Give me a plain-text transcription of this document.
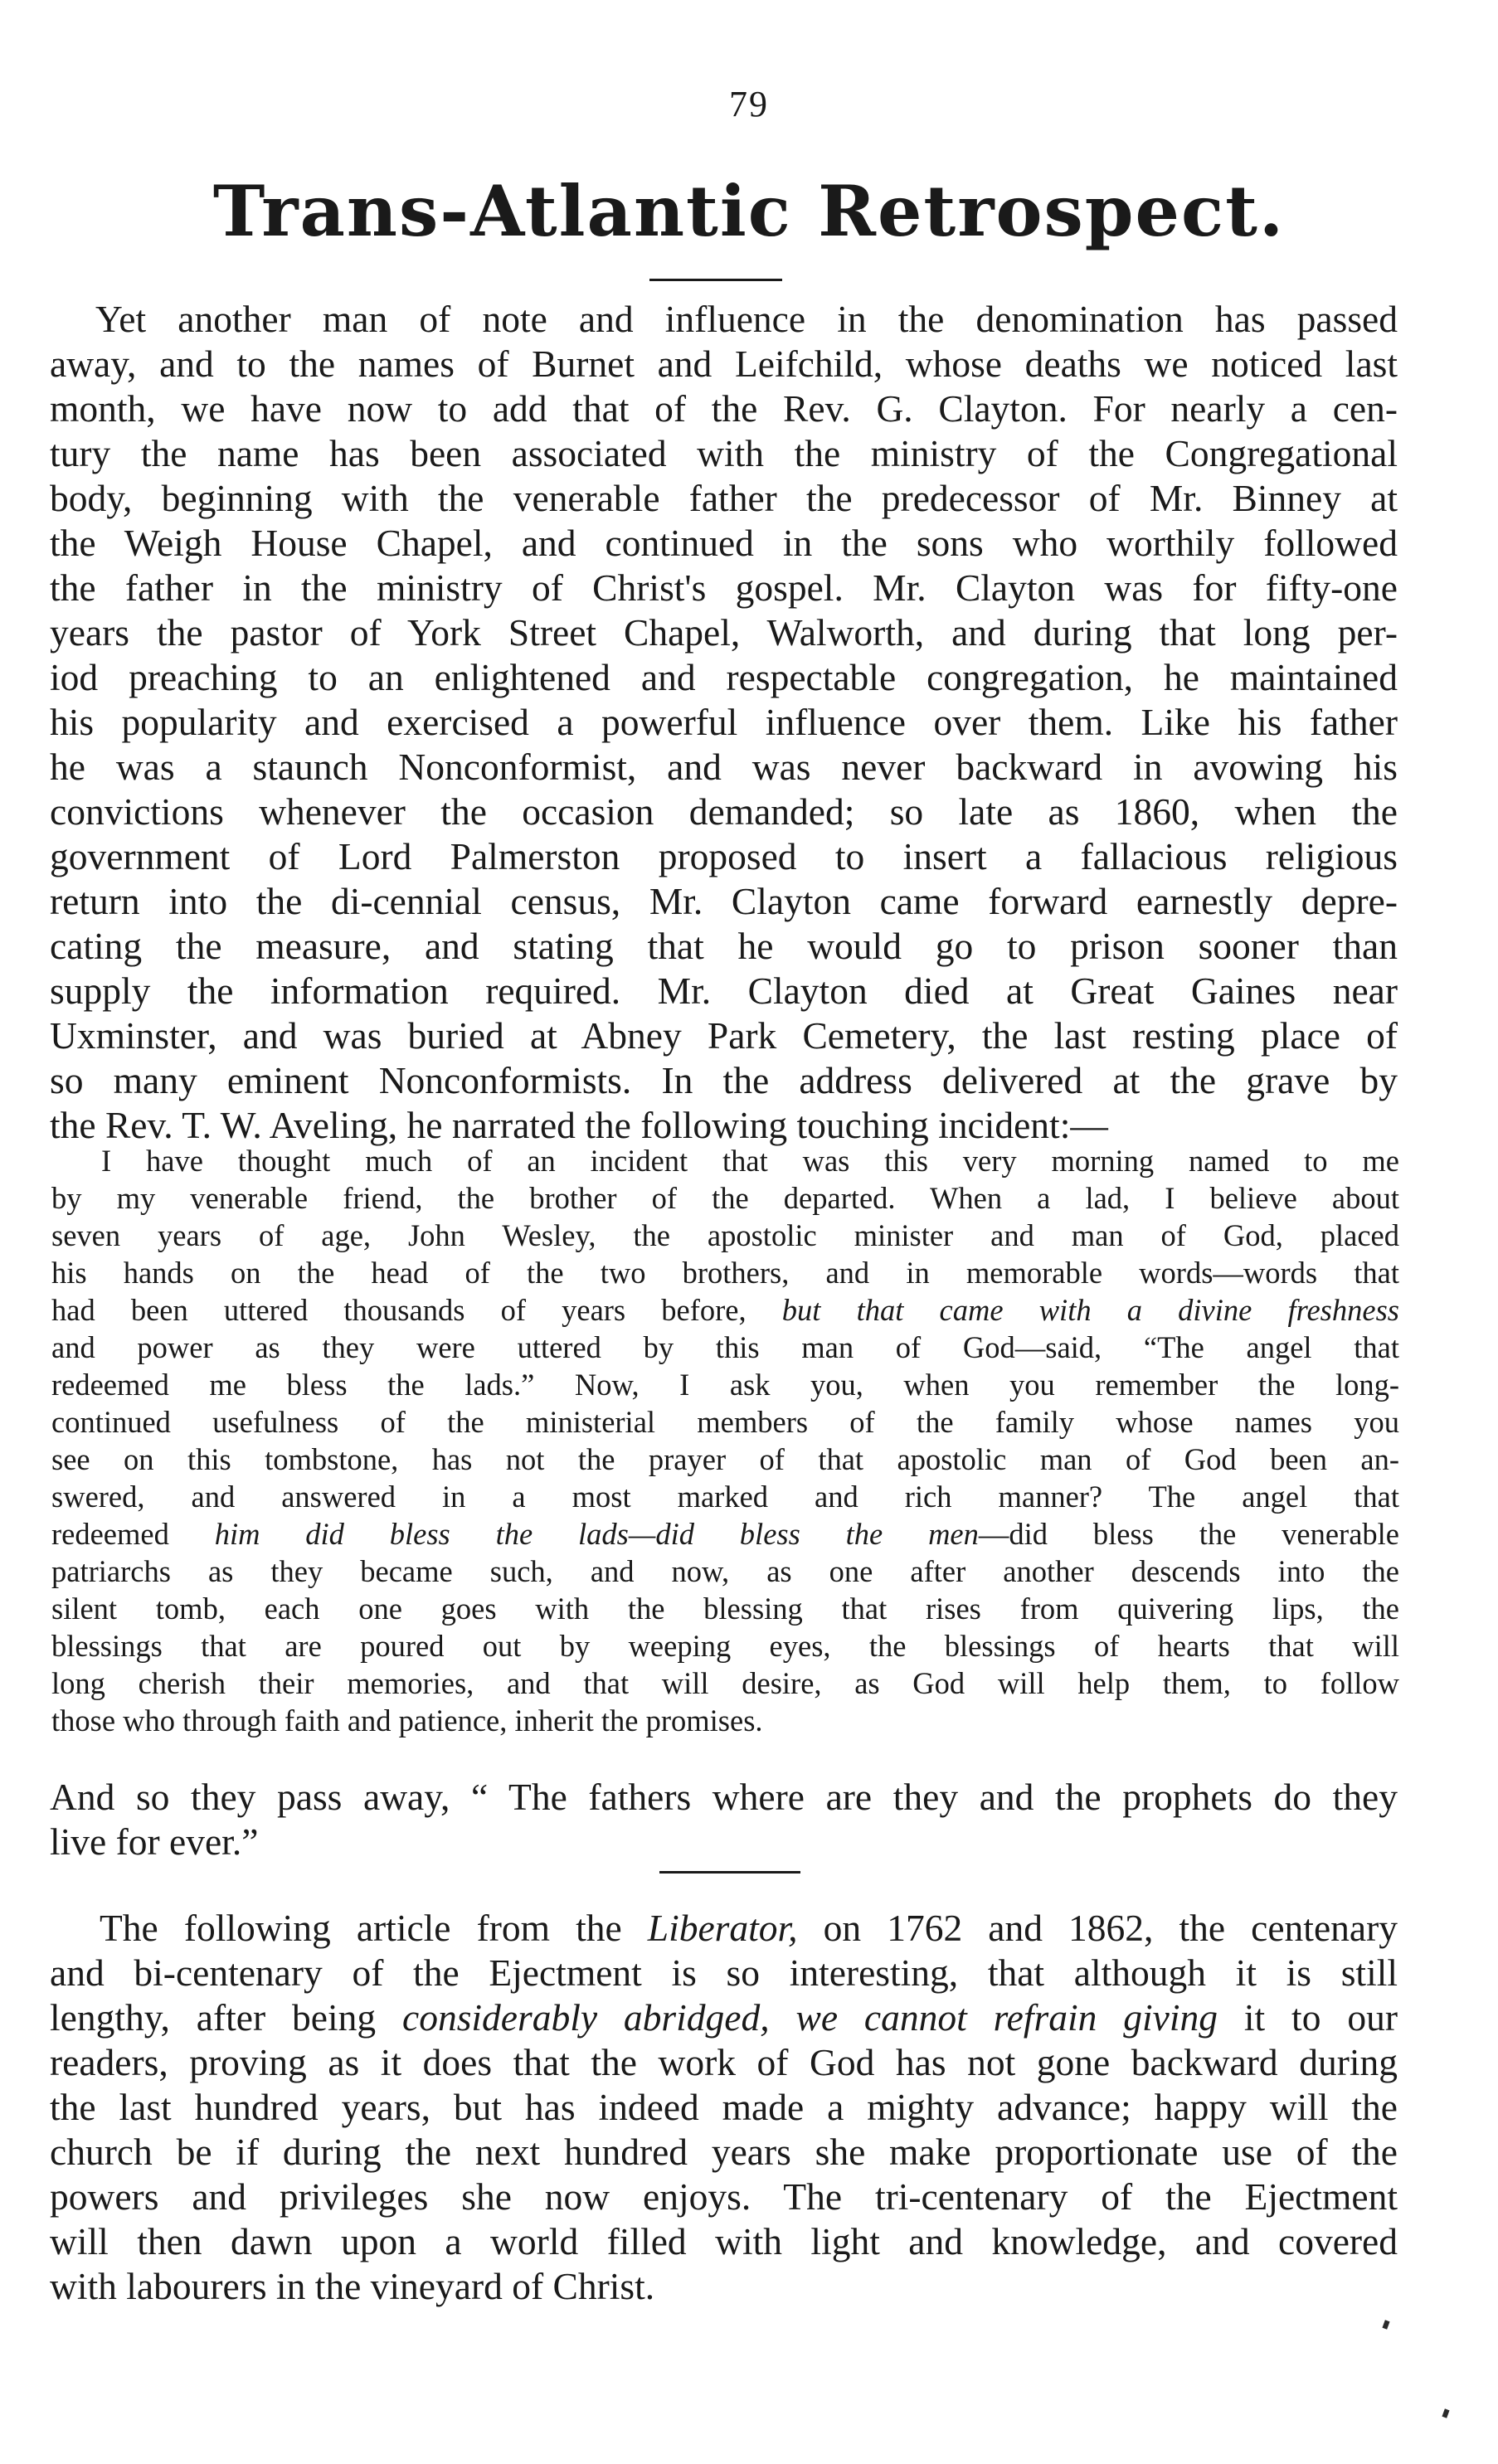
79
Trans-Atlantic Retrospect.
Yet another man of note and influence in the denomination has passed
away, and to the names of Burnet and Leifchild, whose deaths we noticed last
month, we have now to add that of the Rev. G. Clayton. For nearly a cen-
tury the name has been associated with the ministry of the Congregational
body, beginning with the venerable father the predecessor of Mr. Binney at
the Weigh House Chapel, and continued in the sons who worthily followed
the father in the ministry of Christ's gospel. Mr. Clayton was for fifty-one
years the pastor of York Street Chapel, Walworth, and during that long per-
iod preaching to an enlightened and respectable congregation, he maintained
his popularity and exercised a powerful influence over them. Like his father
he was a staunch Nonconformist, and was never backward in avowing his
convictions whenever the occasion demanded; so late as 1860, when the
government of Lord Palmerston proposed to insert a fallacious religious
return into the di-cennial census, Mr. Clayton came forward earnestly depre-
cating the measure, and stating that he would go to prison sooner than
supply the information required. Mr. Clayton died at Great Gaines near
Uxminster, and was buried at Abney Park Cemetery, the last resting place of
so many eminent Nonconformists. In the address delivered at the grave by
the Rev. T. W. Aveling, he narrated the following touching incident:—
I have thought much of an incident that was this very morning named to me
by my venerable friend, the brother of the departed. When a lad, I believe about
seven years of age, John Wesley, the apostolic minister and man of God, placed
his hands on the head of the two brothers, and in memorable words—words that
had been uttered thousands of years before, but that came with a divine freshness
and power as they were uttered by this man of God—said, “The angel that
redeemed me bless the lads.” Now, I ask you, when you remember the long-
continued usefulness of the ministerial members of the family whose names you
see on this tombstone, has not the prayer of that apostolic man of God been an-
swered, and answered in a most marked and rich manner? The angel that
redeemed him did bless the lads—did bless the men—did bless the venerable
patriarchs as they became such, and now, as one after another descends into the
silent tomb, each one goes with the blessing that rises from quivering lips, the
blessings that are poured out by weeping eyes, the blessings of hearts that will
long cherish their memories, and that will desire, as God will help them, to follow
those who through faith and patience, inherit the promises.
And so they pass away, “ The fathers where are they and the prophets do they
live for ever.”
The following article from the Liberator, on 1762 and 1862, the centenary
and bi-centenary of the Ejectment is so interesting, that although it is still
lengthy, after being considerably abridged, we cannot refrain giving it to our
readers, proving as it does that the work of God has not gone backward during
the last hundred years, but has indeed made a mighty advance; happy will the
church be if during the next hundred years she make proportionate use of the
powers and privileges she now enjoys. The tri-centenary of the Ejectment
will then dawn upon a world filled with light and knowledge, and covered
with labourers in the vineyard of Christ.
